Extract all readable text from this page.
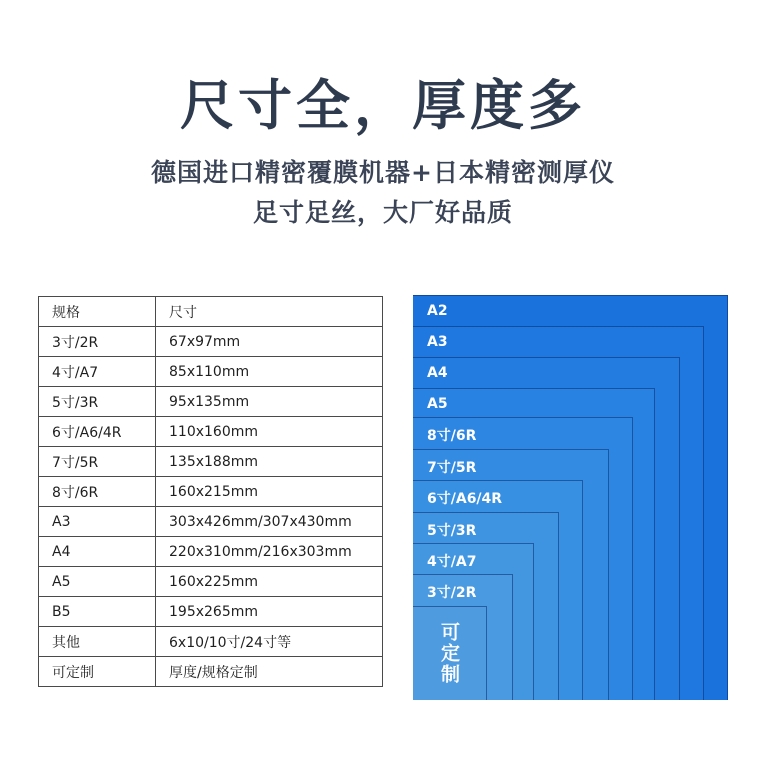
尺寸全，厚度多
德国进口精密覆膜机器+日本精密测厚仪
足寸足丝，大厂好品质
规格	尺寸
3寸/2R	67x97mm
4寸/A7	85x110mm
5寸/3R	95x135mm
6寸/A6/4R	110x160mm
7寸/5R	135x188mm
8寸/6R	160x215mm
A3	303x426mm/307x430mm
A4	220x310mm/216x303mm
A5	160x225mm
B5	195x265mm
其他	6x10/10寸/24寸等
可定制	厚度/规格定制
A2
A3
A4
A5
8寸/6R
7寸/5R
6寸/A6/4R
5寸/3R
4寸/A7
3寸/2R
可定制
